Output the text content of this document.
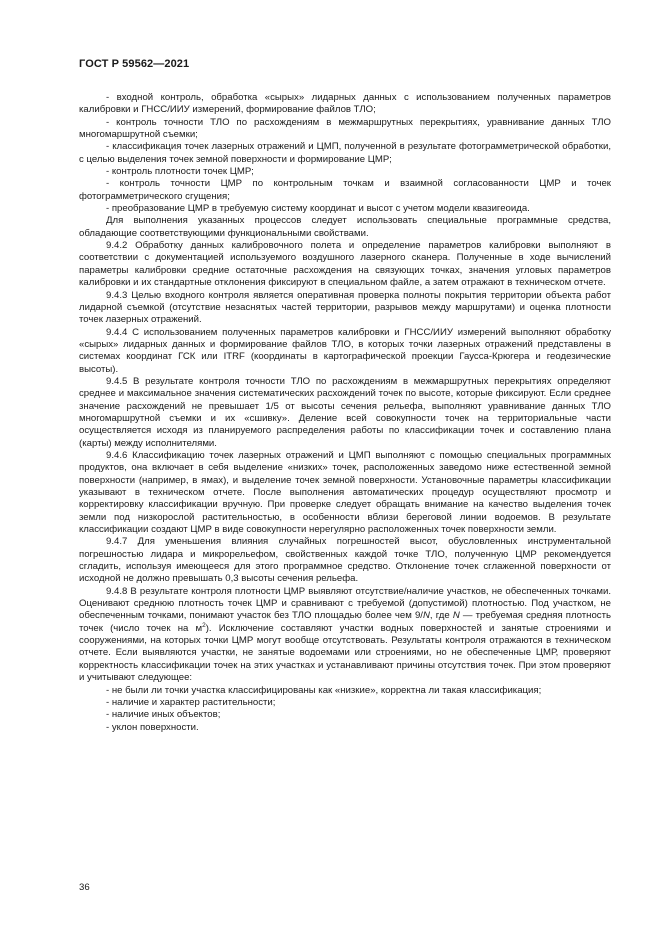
ГОСТ Р 59562—2021

- входной контроль, обработка «сырых» лидарных данных с использованием полученных параметров калибровки и ГНСС/ИИУ измерений, формирование файлов ТЛО;

- контроль точности ТЛО по расхождениям в межмаршрутных перекрытиях, уравнивание данных ТЛО многомаршрутной съемки;

- классификация точек лазерных отражений и ЦМП, полученной в результате фотограмметрической обработки, с целью выделения точек земной поверхности и формирование ЦМР;

- контроль плотности точек ЦМР;

- контроль точности ЦМР по контрольным точкам и взаимной согласованности ЦМР и точек фотограмметрического сгущения;

- преобразование ЦМР в требуемую систему координат и высот с учетом модели квазигеоида.

Для выполнения указанных процессов следует использовать специальные программные средства, обладающие соответствующими функциональными свойствами.

9.4.2 Обработку данных калибровочного полета и определение параметров калибровки выполняют в соответствии с документацией используемого воздушного лазерного сканера. Полученные в ходе вычислений параметры калибровки средние остаточные расхождения на связующих точках, значения угловых параметров калибровки и их стандартные отклонения фиксируют в специальном файле, а затем отражают в техническом отчете.

9.4.3 Целью входного контроля является оперативная проверка полноты покрытия территории объекта работ лидарной съемкой (отсутствие незаснятых частей территории, разрывов между маршрутами) и оценка плотности точек лазерных отражений.

9.4.4 С использованием полученных параметров калибровки и ГНСС/ИИУ измерений выполняют обработку «сырых» лидарных данных и формирование файлов ТЛО, в которых точки лазерных отражений представлены в системах координат ГСК или ITRF (координаты в картографической проекции Гаусса-Крюгера и геодезические высоты).

9.4.5 В результате контроля точности ТЛО по расхождениям в межмаршрутных перекрытиях определяют среднее и максимальное значения систематических расхождений точек по высоте, которые фиксируют. Если среднее значение расхождений не превышает 1/5 от высоты сечения рельефа, выполняют уравнивание данных ТЛО многомаршрутной съемки и их «сшивку». Деление всей совокупности точек на территориальные части осуществляется исходя из планируемого распределения работы по классификации точек и составлению плана (карты) между исполнителями.

9.4.6 Классификацию точек лазерных отражений и ЦМП выполняют с помощью специальных программных продуктов, она включает в себя выделение «низких» точек, расположенных заведомо ниже естественной земной поверхности (например, в ямах), и выделение точек земной поверхности. Установочные параметры классификации указывают в техническом отчете. После выполнения автоматических процедур осуществляют просмотр и корректировку классификации вручную. При проверке следует обращать внимание на качество выделения точек земли под низкорослой растительностью, в особенности вблизи береговой линии водоемов. В результате классификации создают ЦМР в виде совокупности нерегулярно расположенных точек поверхности земли.

9.4.7 Для уменьшения влияния случайных погрешностей высот, обусловленных инструментальной погрешностью лидара и микрорельефом, свойственных каждой точке ТЛО, полученную ЦМР рекомендуется сгладить, используя имеющееся для этого программное средство. Отклонение точек сглаженной поверхности от исходной не должно превышать 0,3 высоты сечения рельефа.

9.4.8 В результате контроля плотности ЦМР выявляют отсутствие/наличие участков, не обеспеченных точками. Оценивают среднюю плотность точек ЦМР и сравнивают с требуемой (допустимой) плотностью. Под участком, не обеспеченным точками, понимают участок без ТЛО площадью более чем 9/N, где N — требуемая средняя плотность точек (число точек на $м^2$). Исключение составляют участки водных поверхностей и занятые строениями и сооружениями, на которых точки ЦМР могут вообще отсутствовать. Результаты контроля отражаются в техническом отчете. Если выявляются участки, не занятые водоемами или строениями, но не обеспеченные ЦМР, проверяют корректность классификации точек на этих участках и устанавливают причины отсутствия точек. При этом проверяют и учитывают следующее:

- не были ли точки участка классифицированы как «низкие», корректна ли такая классификация;

- наличие и характер растительности;

- наличие иных объектов;

- уклон поверхности.

36
